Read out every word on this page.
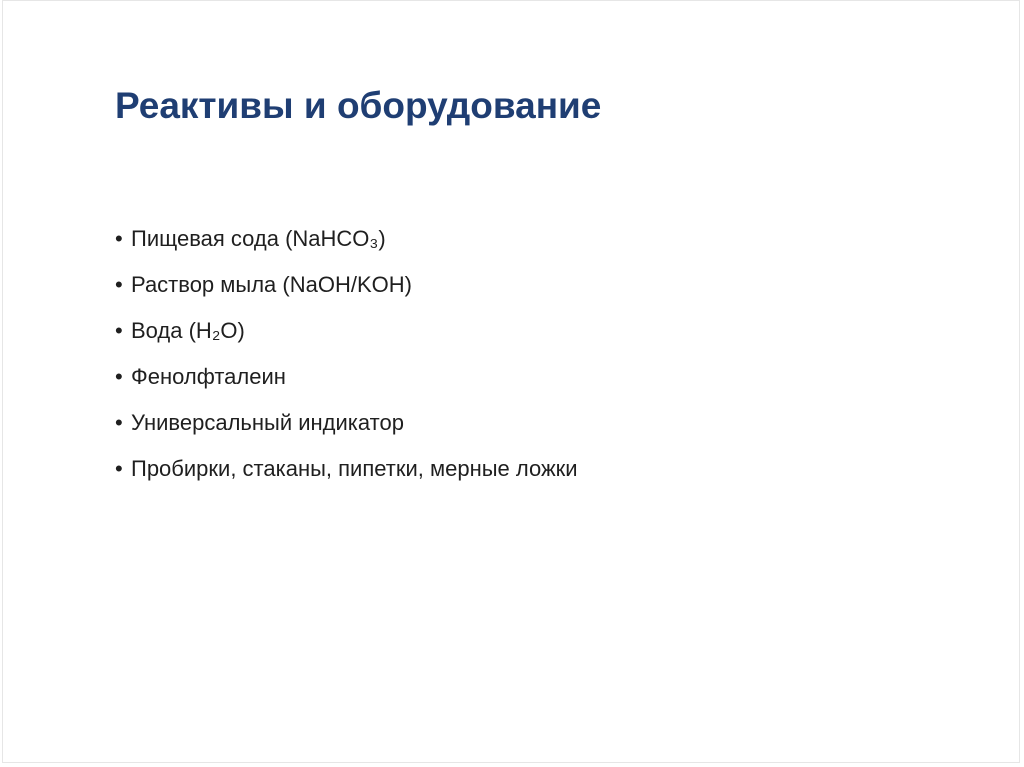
Реактивы и оборудование
• Пищевая сода (NaHCO₃)
• Раствор мыла (NaOH/KOH)
• Вода (H₂O)
• Фенолфталеин
• Универсальный индикатор
• Пробирки, стаканы, пипетки, мерные ложки
